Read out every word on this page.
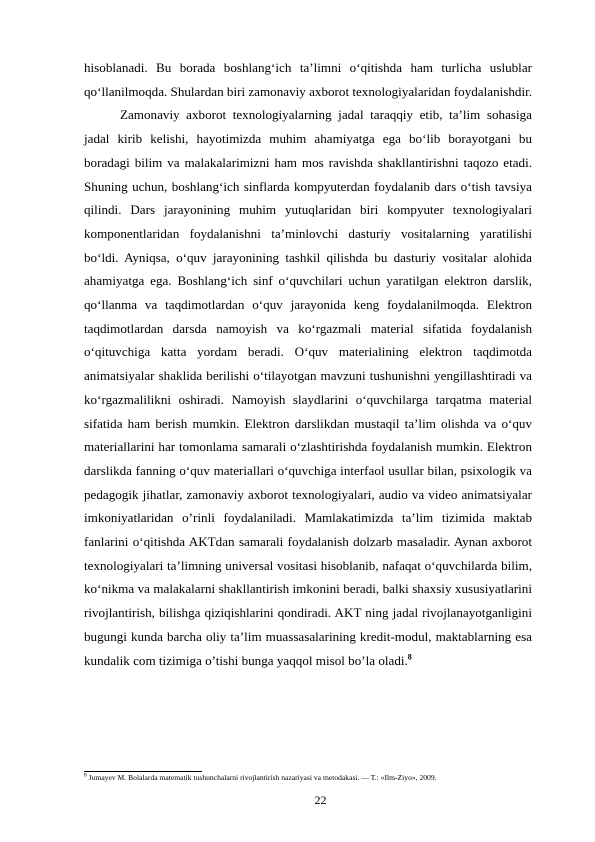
hisoblanadi. Bu borada boshlang‘ich ta’limni o‘qitishda ham turlicha uslublar qo‘llanilmoqda. Shulardan biri zamonaviy axborot texnologiyalaridan foydalanishdir.

Zamonaviy axborot texnologiyalarning jadal taraqqiy etib, ta’lim sohasiga jadal kirib kelishi, hayotimizda muhim ahamiyatga ega bo‘lib borayotgani bu boradagi bilim va malakalarimizni ham mos ravishda shakllantirishni taqozo etadi. Shuning uchun, boshlang‘ich sinflarda kompyuterdan foydalanib dars o‘tish tavsiya qilindi. Dars jarayonining muhim yutuqlaridan biri kompyuter texnologiyalari komponentlaridan foydalanishni ta’minlovchi dasturiy vositalarning yaratilishi bo‘ldi. Ayniqsa, o‘quv jarayonining tashkil qilishda bu dasturiy vositalar alohida ahamiyatga ega. Boshlang‘ich sinf o‘quvchilari uchun yaratilgan elektron darslik, qo‘llanma va taqdimotlardan o‘quv jarayonida keng foydalanilmoqda. Elektron taqdimotlardan darsda namoyish va ko‘rgazmali material sifatida foydalanish o‘qituvchiga katta yordam beradi. O‘quv materialining elektron taqdimotda animatsiyalar shaklida berilishi o‘tilayotgan mavzuni tushunishni yengillashtiradi va ko‘rgazmalilikni oshiradi. Namoyish slaydlarini o‘quvchilarga tarqatma material sifatida ham berish mumkin. Elektron darslikdan mustaqil ta’lim olishda va o‘quv materiallarini har tomonlama samarali o‘zlashtirishda foydalanish mumkin. Elektron darslikda fanning o‘quv materiallari o‘quvchiga interfaol usullar bilan, psixologik va pedagogik jihatlar, zamonaviy axborot texnologiyalari, audio va video animatsiyalar imkoniyatlaridan o’rinli foydalaniladi. Mamlakatimizda ta’lim tizimida maktab fanlarini o‘qitishda AKTdan samarali foydalanish dolzarb masaladir. Aynan axborot texnologiyalari ta’limning universal vositasi hisoblanib, nafaqat o‘quvchilarda bilim, ko‘nikma va malakalarni shakllantirish imkonini beradi, balki shaxsiy xususiyatlarini rivojlantirish, bilishga qiziqishlarini qondiradi. AKT ning jadal rivojlanayotganligini bugungi kunda barcha oliy ta’lim muassasalarining kredit-modul, maktablarning esa kundalik com tizimiga o’tishi bunga yaqqol misol bo’la oladi.$^8$

$^8$ Jumayev M. Bolalarda matematik tushunchalarni rivojlantirish nazariyasi va metodakasi. — T.: «Ilm-Ziyo», 2009.
22
